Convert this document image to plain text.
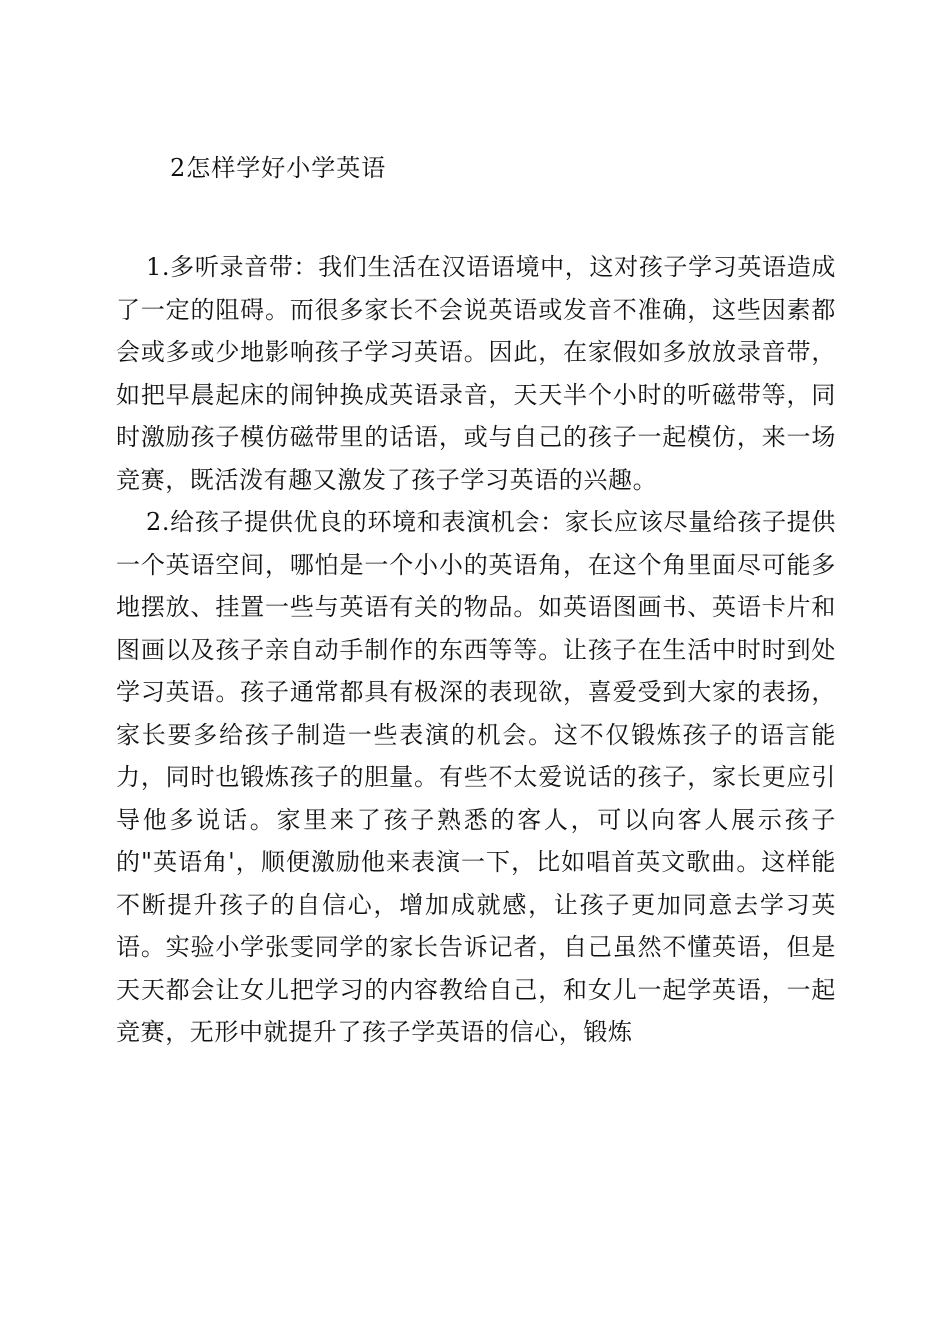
2怎样学好小学英语

1.多听录音带：我们生活在汉语语境中，这对孩子学习英语造成了一定的阻碍。而很多家长不会说英语或发音不准确，这些因素都会或多或少地影响孩子学习英语。因此，在家假如多放放录音带，如把早晨起床的闹钟换成英语录音，天天半个小时的听磁带等，同时激励孩子模仿磁带里的话语，或与自己的孩子一起模仿，来一场竞赛，既活泼有趣又激发了孩子学习英语的兴趣。

2.给孩子提供优良的环境和表演机会：家长应该尽量给孩子提供一个英语空间，哪怕是一个小小的英语角，在这个角里面尽可能多地摆放、挂置一些与英语有关的物品。如英语图画书、英语卡片和图画以及孩子亲自动手制作的东西等等。让孩子在生活中时时到处学习英语。孩子通常都具有极深的表现欲，喜爱受到大家的表扬，家长要多给孩子制造一些表演的机会。这不仅锻炼孩子的语言能力，同时也锻炼孩子的胆量。有些不太爱说话的孩子，家长更应引导他多说话。家里来了孩子熟悉的客人，可以向客人展示孩子的"英语角'，顺便激励他来表演一下，比如唱首英文歌曲。这样能不断提升孩子的自信心，增加成就感，让孩子更加同意去学习英语。实验小学张雯同学的家长告诉记者，自己虽然不懂英语，但是天天都会让女儿把学习的内容教给自己，和女儿一起学英语，一起竞赛，无形中就提升了孩子学英语的信心，锻炼
